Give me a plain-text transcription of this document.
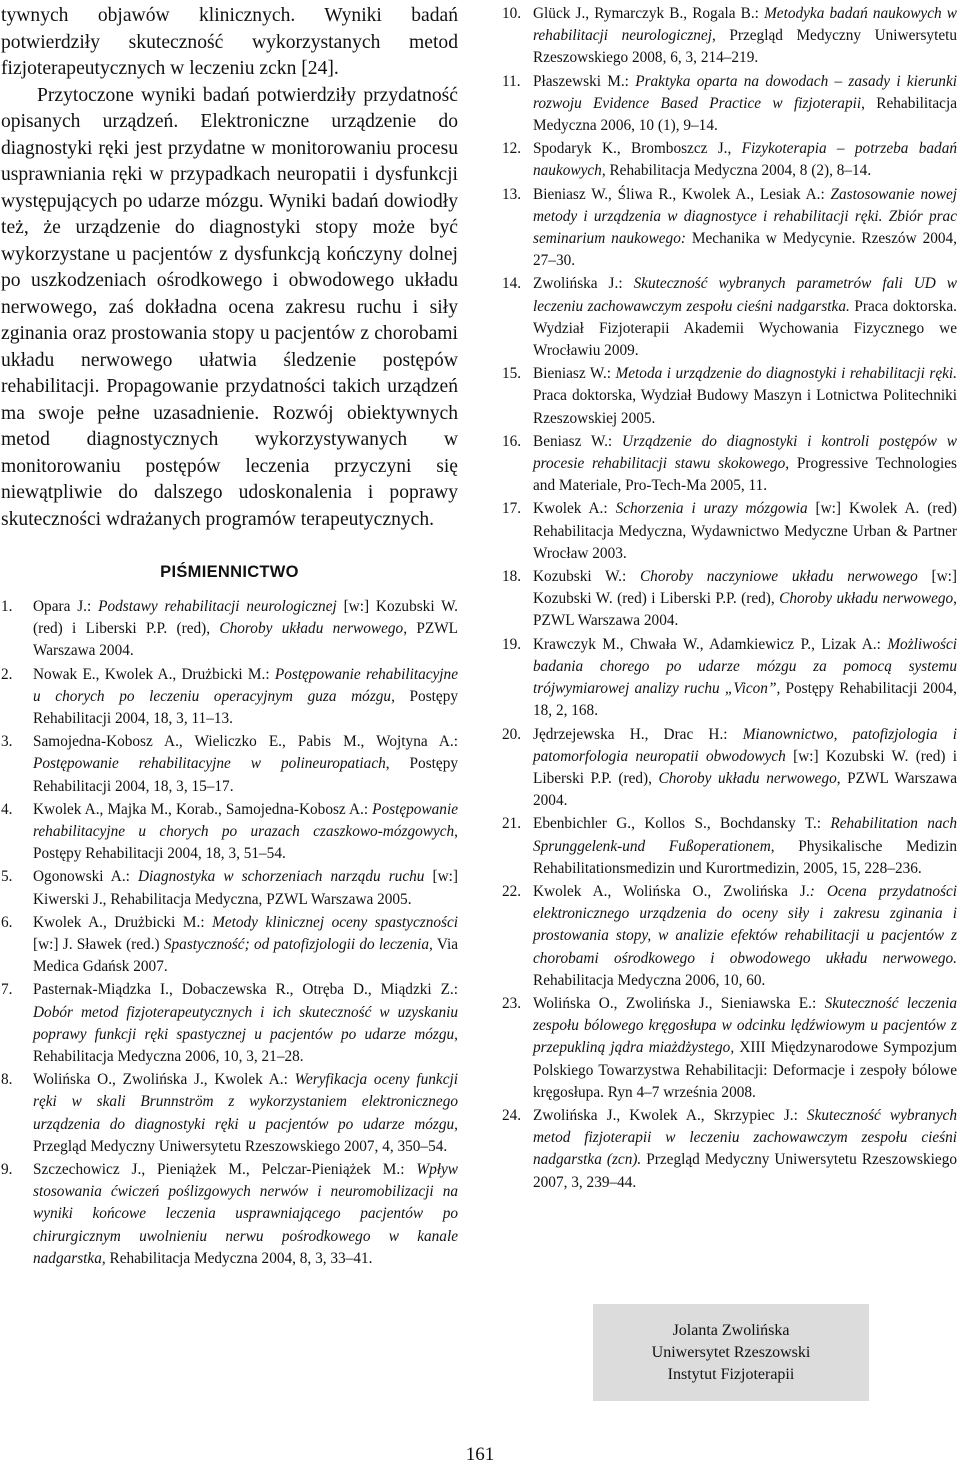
tywnych objawów klinicznych. Wyniki badań potwierdziły skuteczność wykorzystanych metod fizjoterapeutycznych w leczeniu zckn [24].

Przytoczone wyniki badań potwierdziły przydatność opisanych urządzeń. Elektroniczne urządzenie do diagnostyki ręki jest przydatne w monitorowaniu procesu usprawniania ręki w przypadkach neuropatii i dysfunkcji występujących po udarze mózgu. Wyniki badań dowiodły też, że urządzenie do diagnostyki stopy może być wykorzystane u pacjentów z dysfunkcją kończyny dolnej po uszkodzeniach ośrodkowego i obwodowego układu nerwowego, zaś dokładna ocena zakresu ruchu i siły zginania oraz prostowania stopy u pacjentów z chorobami układu nerwowego ułatwia śledzenie postępów rehabilitacji. Propagowanie przydatności takich urządzeń ma swoje pełne uzasadnienie. Rozwój obiektywnych metod diagnostycznych wykorzystywanych w monitorowaniu postępów leczenia przyczyni się niewątpliwie do dalszego udoskonalenia i poprawy skuteczności wdrażanych programów terapeutycznych.

PIŚMIENNICTWO
1.	Opara J.: Podstawy rehabilitacji neurologicznej [w:] Kozubski W. (red) i Liberski P.P. (red), Choroby układu nerwowego, PZWL Warszawa 2004.
2.	Nowak E., Kwolek A., Drużbicki M.: Postępowanie rehabilitacyjne u chorych po leczeniu operacyjnym guza mózgu, Postępy Rehabilitacji 2004, 18, 3, 11–13.
3.	Samojedna-Kobosz A., Wieliczko E., Pabis M., Wojtyna A.: Postępowanie rehabilitacyjne w polineuropatiach, Postępy Rehabilitacji 2004, 18, 3, 15–17.
4.	Kwolek A., Majka M., Korab., Samojedna-Kobosz A.: Postępowanie rehabilitacyjne u chorych po urazach czaszkowo-mózgowych, Postępy Rehabilitacji 2004, 18, 3, 51–54.
5.	Ogonowski A.: Diagnostyka w schorzeniach narządu ruchu [w:] Kiwerski J., Rehabilitacja Medyczna, PZWL Warszawa 2005.
6.	Kwolek A., Drużbicki M.: Metody klinicznej oceny spastyczności [w:] J. Sławek (red.) Spastyczność; od patofizjologii do leczenia, Via Medica Gdańsk 2007.
7.	Pasternak-Miądzka I., Dobaczewska R., Otręba D., Miądzki Z.: Dobór metod fizjoterapeutycznych i ich skuteczność w uzyskaniu poprawy funkcji ręki spastycznej u pacjentów po udarze mózgu, Rehabilitacja Medyczna 2006, 10, 3, 21–28.
8.	Wolińska O., Zwolińska J., Kwolek A.: Weryfikacja oceny funkcji ręki w skali Brunnström z wykorzystaniem elektronicznego urządzenia do diagnostyki ręki u pacjentów po udarze mózgu, Przegląd Medyczny Uniwersytetu Rzeszowskiego 2007, 4, 350–54.
9.	Szczechowicz J., Pieniążek M., Pelczar-Pieniążek M.: Wpływ stosowania ćwiczeń poślizgowych nerwów i neuromobilizacji na wyniki końcowe leczenia usprawniającego pacjentów po chirurgicznym uwolnieniu nerwu pośrodkowego w kanale nadgarstka, Rehabilitacja Medyczna 2004, 8, 3, 33–41.
10. Glück J., Rymarczyk B., Rogala B.: Metodyka badań naukowych w rehabilitacji neurologicznej, Przegląd Medyczny Uniwersytetu Rzeszowskiego 2008, 6, 3, 214–219.
11. Płaszewski M.: Praktyka oparta na dowodach – zasady i kierunki rozwoju Evidence Based Practice w fizjoterapii, Rehabilitacja Medyczna 2006, 10 (1), 9–14.
12. Spodaryk K., Bromboszcz J., Fizykoterapia – potrzeba badań naukowych, Rehabilitacja Medyczna 2004, 8 (2), 8–14.
13. Bieniasz W., Śliwa R., Kwolek A., Lesiak A.: Zastosowanie nowej metody i urządzenia w diagnostyce i rehabilitacji ręki. Zbiór prac seminarium naukowego: Mechanika w Medycynie. Rzeszów 2004, 27–30.
14. Zwolińska J.: Skuteczność wybranych parametrów fali UD w leczeniu zachowawczym zespołu cieśni nadgarstka. Praca doktorska. Wydział Fizjoterapii Akademii Wychowania Fizycznego we Wrocławiu 2009.
15. Bieniasz W.: Metoda i urządzenie do diagnostyki i rehabilitacji ręki. Praca doktorska, Wydział Budowy Maszyn i Lotnictwa Politechniki Rzeszowskiej 2005.
16. Beniasz W.: Urządzenie do diagnostyki i kontroli postępów w procesie rehabilitacji stawu skokowego, Progressive Technologies and Materiale, Pro-Tech-Ma 2005, 11.
17. Kwolek A.: Schorzenia i urazy mózgowia [w:] Kwolek A. (red) Rehabilitacja Medyczna, Wydawnictwo Medyczne Urban & Partner Wrocław 2003.
18. Kozubski W.: Choroby naczyniowe układu nerwowego [w:] Kozubski W. (red) i Liberski P.P. (red), Choroby układu nerwowego, PZWL Warszawa 2004.
19. Krawczyk M., Chwała W., Adamkiewicz P., Lizak A.: Możliwości badania chorego po udarze mózgu za pomocą systemu trójwymiarowej analizy ruchu „Vicon”, Postępy Rehabilitacji 2004, 18, 2, 168.
20. Jędrzejewska H., Drac H.: Mianownictwo, patofizjologia i patomorfologia neuropatii obwodowych [w:] Kozubski W. (red) i Liberski P.P. (red), Choroby układu nerwowego, PZWL Warszawa 2004.
21. Ebenbichler G., Kollos S., Bochdansky T.: Rehabilitation nach Sprunggelenk-und Fußoperationem, Physikalische Medizin Rehabilitationsmedizin und Kurortmedizin, 2005, 15, 228–236.
22. Kwolek A., Wolińska O., Zwolińska J.: Ocena przydatności elektronicznego urządzenia do oceny siły i zakresu zginania i prostowania stopy, w analizie efektów rehabilitacji u pacjentów z chorobami ośrodkowego i obwodowego układu nerwowego. Rehabilitacja Medyczna 2006, 10, 60.
23. Wolińska O., Zwolińska J., Sieniawska E.: Skuteczność leczenia zespołu bólowego kręgosłupa w odcinku lędźwiowym u pacjentów z przepukliną jądra miażdżystego, XIII Międzynarodowe Sympozjum Polskiego Towarzystwa Rehabilitacji: Deformacje i zespoły bólowe kręgosłupa. Ryn 4–7 września 2008.
24. Zwolińska J., Kwolek A., Skrzypiec J.: Skuteczność wybranych metod fizjoterapii w leczeniu zachowawczym zespołu cieśni nadgarstka (zcn). Przegląd Medyczny Uniwersytetu Rzeszowskiego 2007, 3, 239–44.
Jolanta Zwolińska
Uniwersytet Rzeszowski
Instytut Fizjoterapii
161
